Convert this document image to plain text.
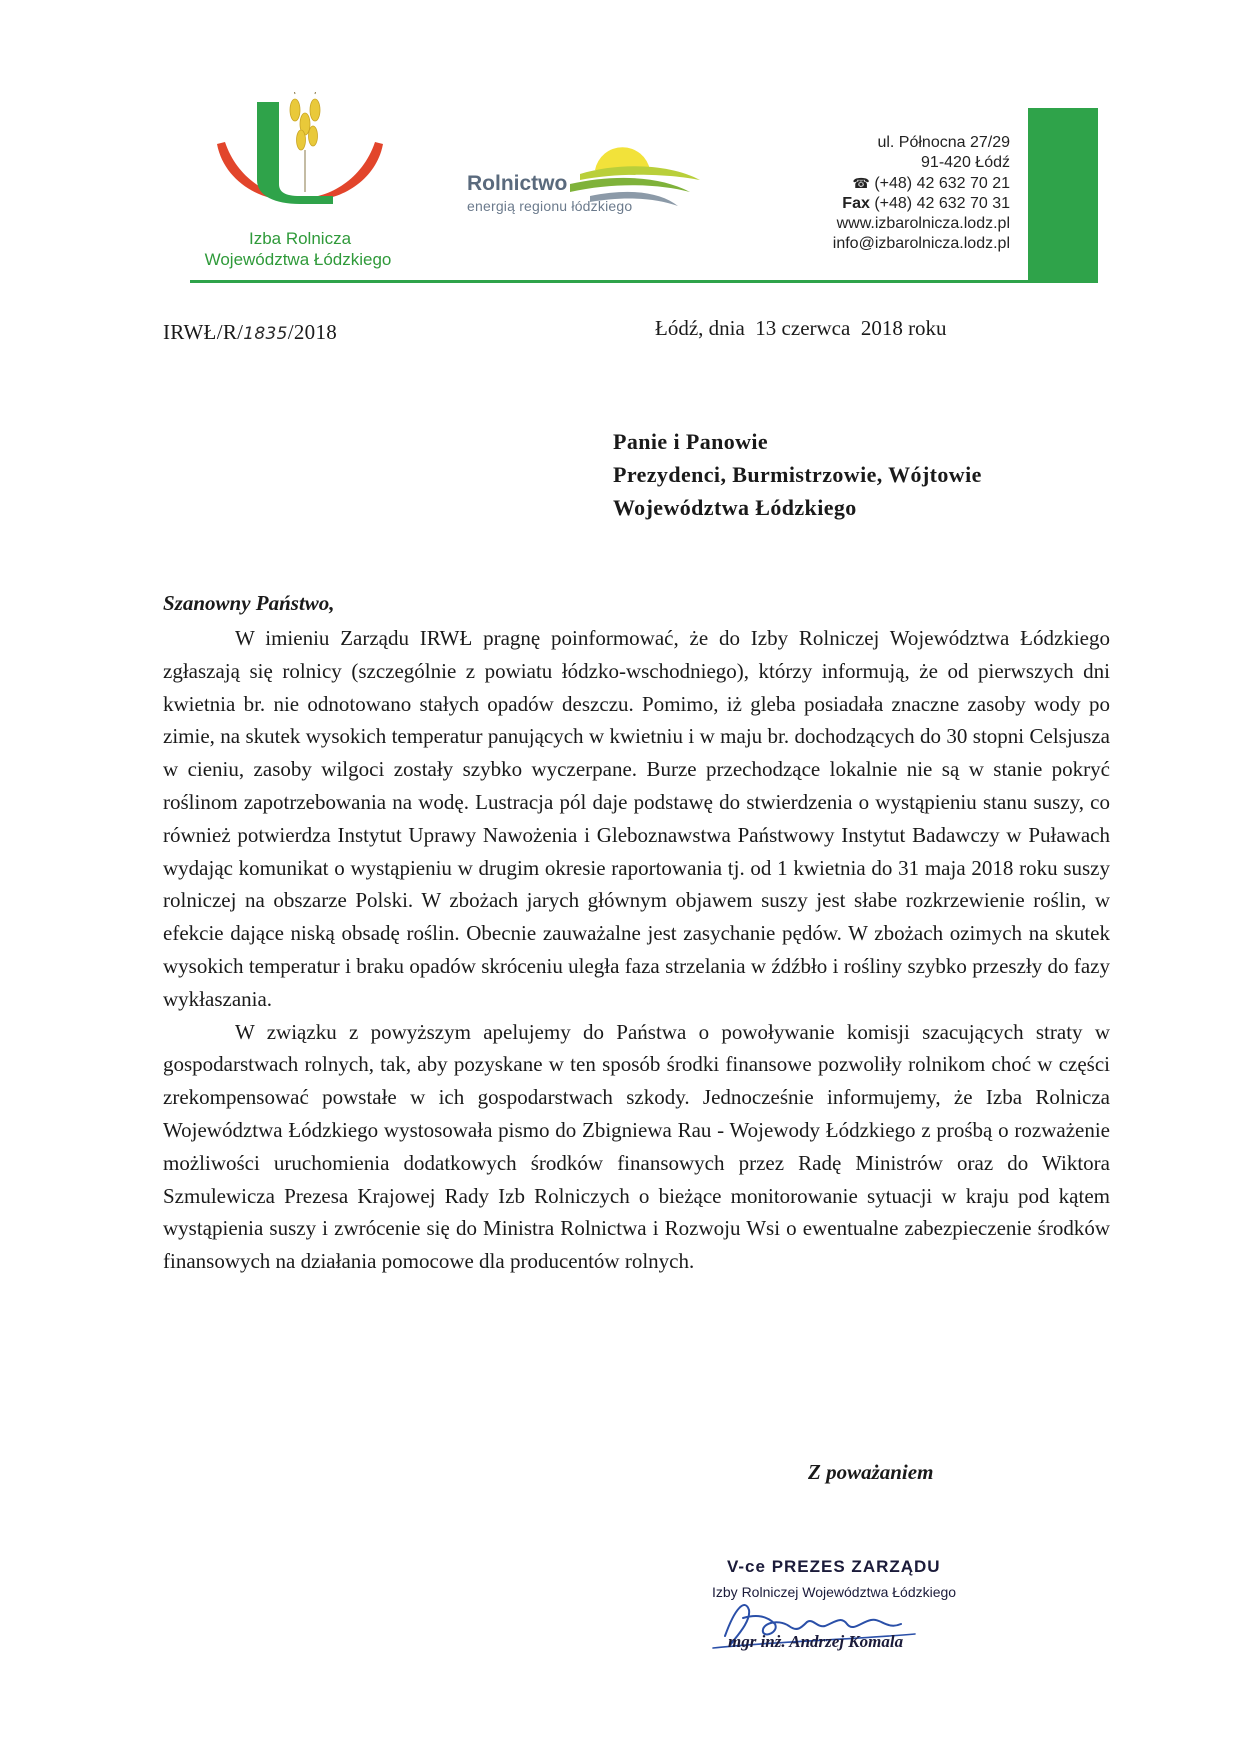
Izba Rolnicza
Województwa Łódzkiego
Rolnictwo
energią regionu łódzkiego
ul. Północna 27/29
91-420 Łódź
☎ (+48) 42 632 70 21
Fax (+48) 42 632 70 31
www.izbarolnicza.lodz.pl
info@izbarolnicza.lodz.pl
IRWŁ/R/1835/2018	Łódź, dnia  13 czerwca  2018 roku
Panie i Panowie
Prezydenci, Burmistrzowie, Wójtowie
Województwa Łódzkiego
Szanowny Państwo,

W imieniu Zarządu IRWŁ pragnę poinformować, że do Izby Rolniczej Województwa Łódzkiego zgłaszają się rolnicy (szczególnie z powiatu łódzko-wschodniego), którzy informują, że od pierwszych dni kwietnia br. nie odnotowano stałych opadów deszczu. Pomimo, iż gleba posiadała znaczne zasoby wody po zimie, na skutek wysokich temperatur panujących w kwietniu i w maju br. dochodzących do 30 stopni Celsjusza w cieniu, zasoby wilgoci zostały szybko wyczerpane. Burze przechodzące lokalnie nie są w stanie pokryć roślinom zapotrzebowania na wodę. Lustracja pól daje podstawę do stwierdzenia o wystąpieniu stanu suszy, co również potwierdza Instytut Uprawy Nawożenia i Gleboznawstwa Państwowy Instytut Badawczy w Puławach wydając komunikat o wystąpieniu w drugim okresie raportowania tj. od 1 kwietnia do 31 maja 2018 roku suszy rolniczej na obszarze Polski. W zbożach jarych głównym objawem suszy jest słabe rozkrzewienie roślin, w efekcie dające niską obsadę roślin. Obecnie zauważalne jest zasychanie pędów. W zbożach ozimych na skutek wysokich temperatur i braku opadów skróceniu uległa faza strzelania w źdźbło i rośliny szybko przeszły do fazy wykłaszania.

W związku z powyższym apelujemy do Państwa o powoływanie komisji szacujących straty w gospodarstwach rolnych, tak, aby pozyskane w ten sposób środki finansowe pozwoliły rolnikom choć w części zrekompensować powstałe w ich gospodarstwach szkody. Jednocześnie informujemy, że Izba Rolnicza Województwa Łódzkiego wystosowała pismo do Zbigniewa Rau - Wojewody Łódzkiego z prośbą o rozważenie możliwości uruchomienia dodatkowych środków finansowych przez Radę Ministrów oraz do Wiktora Szmulewicza Prezesa Krajowej Rady Izb Rolniczych o bieżące monitorowanie sytuacji w kraju pod kątem wystąpienia suszy i zwrócenie się do Ministra Rolnictwa i Rozwoju Wsi o ewentualne zabezpieczenie środków finansowych na działania pomocowe dla producentów rolnych.

Z poważaniem
V-ce PREZES ZARZĄDU
Izby Rolniczej Województwa Łódzkiego
mgr inż. Andrzej Komala
